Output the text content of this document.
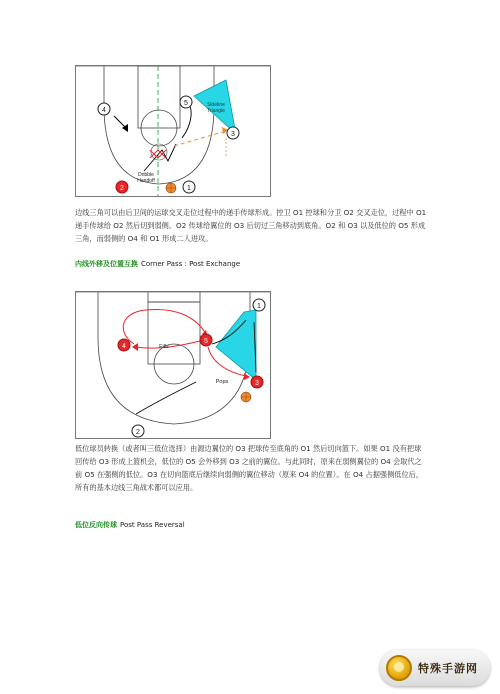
Sideline
Triangle
Dribble
Handoff
4
5
3
2	1

边线三角可以由后卫间的运球交叉走位过程中的递手传球形成。控卫 O1 控球和分卫 O2 交叉走位，过程中 O1 递手传球给 O2 然后切到弱侧。O2 传球给翼位的 O3 后切过三角移动到底角。O2 和 O3 以及低位的 O5 形成三角，而弱侧的 O4 和 O1 形成二人进攻。

内线外移及位置互换 Corner Pass : Post Exchange
Fills
Pops
1
5
4
3
2

低位球员转换（或者叫三低位选择）由源边翼位的 O3 把球传至底角的 O1 然后切向篮下。如果 O1 没有把球回传给 O3 形成上篮机会，低位的 O5 会外移到 O3 之前的翼位。与此同时，原来在弱侧翼位的 O4 会取代之前 O5 在强侧的低位。O3 在切向篮底后继续向弱侧的翼位移动（原来 O4 的位置）。在 O4 占据强侧低位后，所有的基本边线三角战术都可以应用。

低位反向传球 Post Pass Reversal
特殊手游网
